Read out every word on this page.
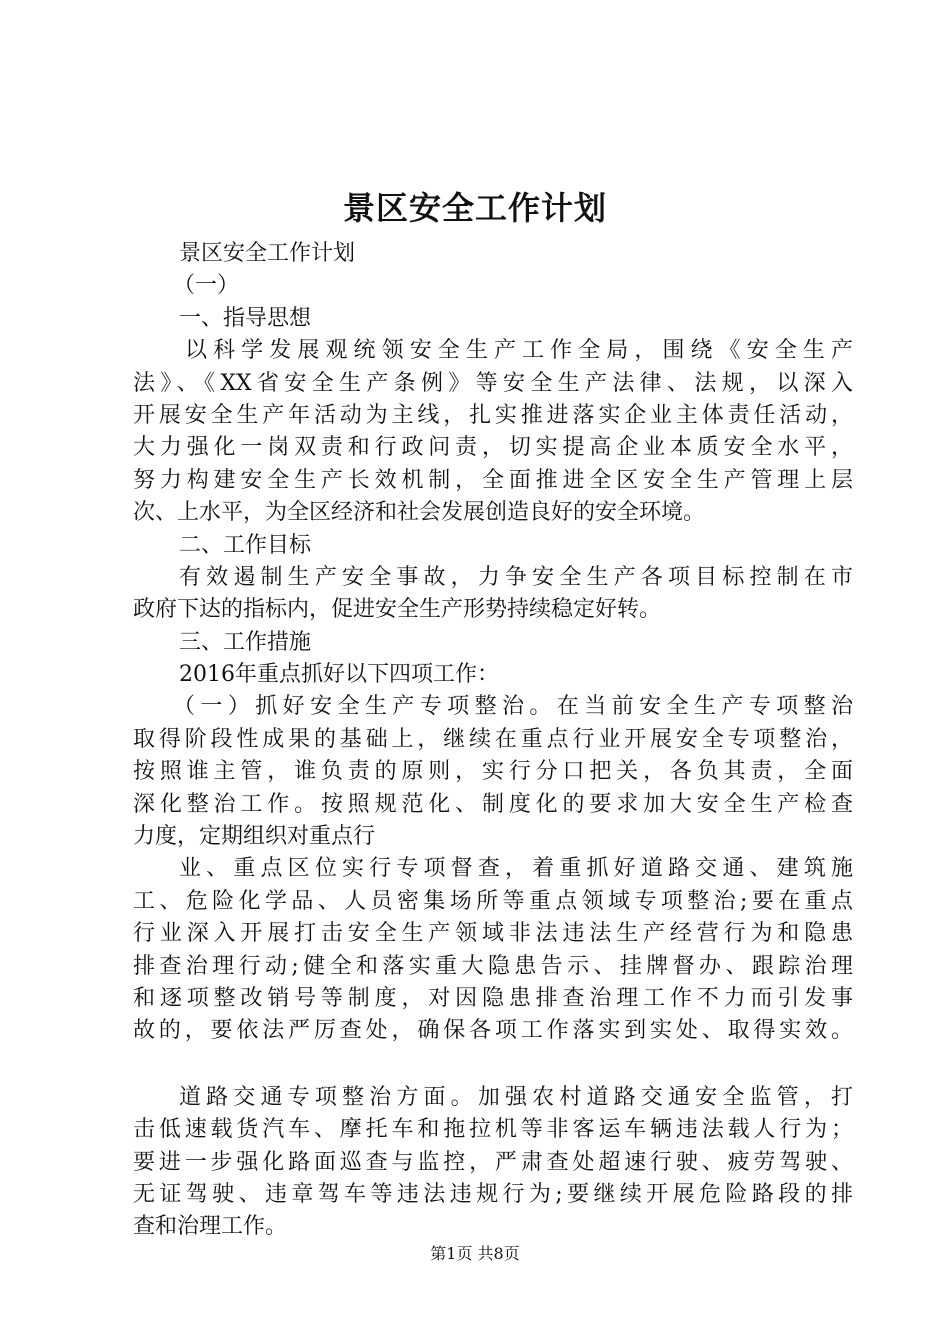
景区安全工作计划
景区安全工作计划
（一）
一、指导思想
以科学发展观统领安全生产工作全局，围绕《安全生产
法》、《XX省安全生产条例》等安全生产法律、法规，以深入
开展安全生产年活动为主线，扎实推进落实企业主体责任活动，
大力强化一岗双责和行政问责，切实提高企业本质安全水平，
努力构建安全生产长效机制，全面推进全区安全生产管理上层
次、上水平，为全区经济和社会发展创造良好的安全环境。
二、工作目标
有效遏制生产安全事故，力争安全生产各项目标控制在市
政府下达的指标内，促进安全生产形势持续稳定好转。
三、工作措施
2016年重点抓好以下四项工作：
（一）抓好安全生产专项整治。在当前安全生产专项整治
取得阶段性成果的基础上，继续在重点行业开展安全专项整治，
按照谁主管，谁负责的原则，实行分口把关，各负其责，全面
深化整治工作。按照规范化、制度化的要求加大安全生产检查
力度，定期组织对重点行
业、重点区位实行专项督查，着重抓好道路交通、建筑施
工、危险化学品、人员密集场所等重点领域专项整治;要在重点
行业深入开展打击安全生产领域非法违法生产经营行为和隐患
排查治理行动;健全和落实重大隐患告示、挂牌督办、跟踪治理
和逐项整改销号等制度，对因隐患排查治理工作不力而引发事
故的，要依法严厉查处，确保各项工作落实到实处、取得实效。
道路交通专项整治方面。加强农村道路交通安全监管，打
击低速载货汽车、摩托车和拖拉机等非客运车辆违法载人行为；
要进一步强化路面巡查与监控，严肃查处超速行驶、疲劳驾驶、
无证驾驶、违章驾车等违法违规行为;要继续开展危险路段的排
查和治理工作。
第1页 共8页
